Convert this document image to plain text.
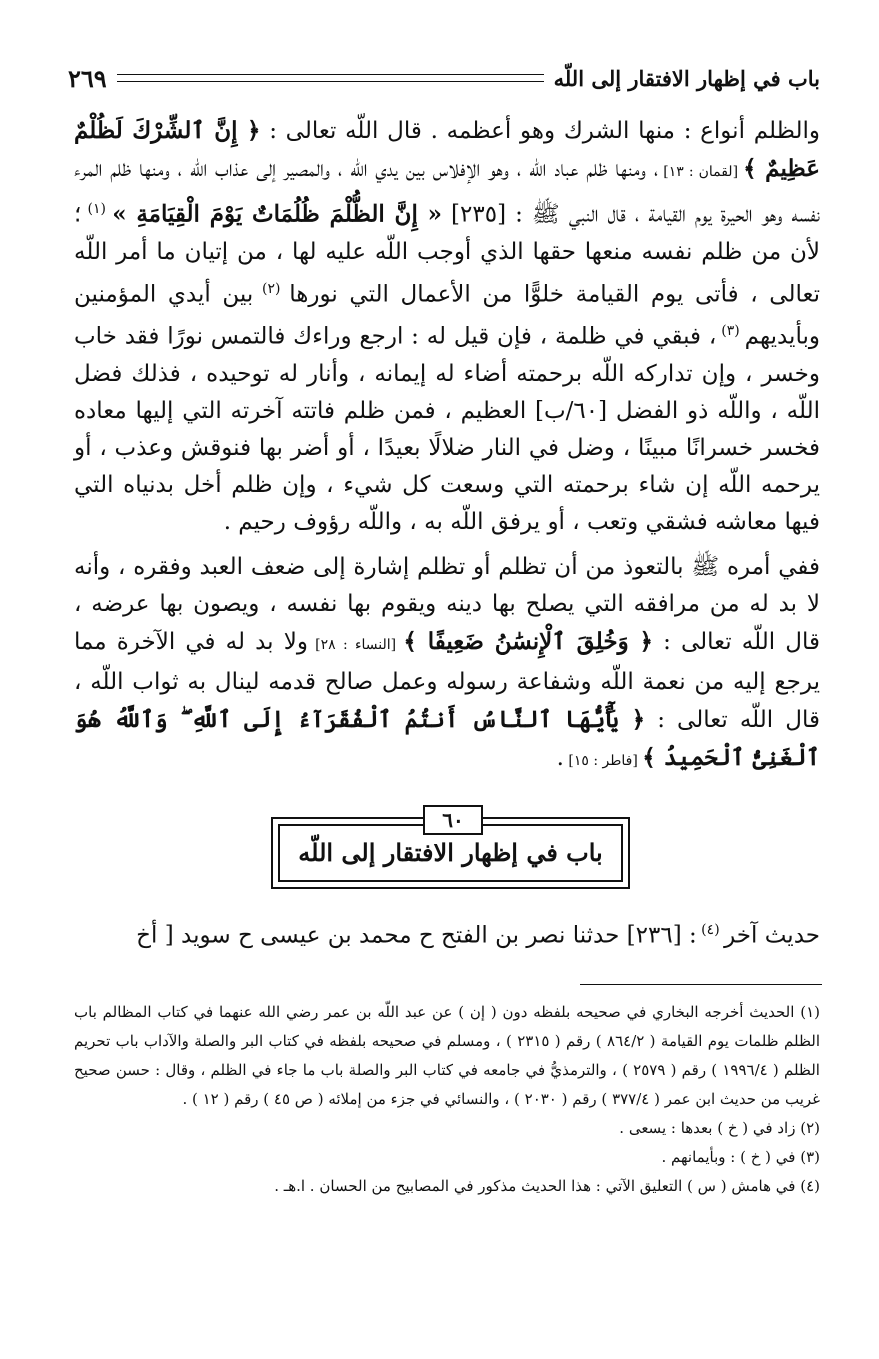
باب في إظهار الافتقار إلى اللّه
٢٦٩

والظلم أنواع : منها الشرك وهو أعظمه . قال اللّه تعالى : ﴿ إِنَّ ٱلشِّرْكَ لَظُلْمٌ عَظِيمٌ ﴾ [لقمان : ١٣] ، ومنها ظلم عباد اللّه ، وهو الإفلاس بين يدي اللّه ، والمصير إلى عذاب اللّه ، ومنها ظلم المرء نفسه وهو الحيرة يوم القيامة ، قال النبي ﷺ : [٢٣٥] « إِنَّ الظُّلْمَ ظُلُمَاتٌ يَوْمَ الْقِيَامَةِ » $^{(١)}$ ؛ لأن من ظلم نفسه منعها حقها الذي أوجب اللّه عليه لها ، من إتيان ما أمر اللّه تعالى ، فأتى يوم القيامة خلوًّا من الأعمال التي نورها $^{(٢)}$ بين أيدي المؤمنين وبأيديهم $^{(٣)}$ ، فبقي في ظلمة ، فإن قيل له : ارجع وراءك فالتمس نورًا فقد خاب وخسر ، وإن تداركه اللّه برحمته أضاء له إيمانه ، وأنار له توحيده ، فذلك فضل اللّه ، واللّه ذو الفضل [٦٠/ب] العظيم ، فمن ظلم فاتته آخرته التي إليها معاده فخسر خسرانًا مبينًا ، وضل في النار ضلالًا بعيدًا ، أو أضر بها فنوقش وعذب ، أو يرحمه اللّه إن شاء برحمته التي وسعت كل شيء ، وإن ظلم أخل بدنياه التي فيها معاشه فشقي وتعب ، أو يرفق اللّه به ، واللّه رؤوف رحيم .

ففي أمره ﷺ بالتعوذ من أن تظلم أو تظلم إشارة إلى ضعف العبد وفقره ، وأنه لا بد له من مرافقه التي يصلح بها دينه ويقوم بها نفسه ، ويصون بها عرضه ، قال اللّه تعالى : ﴿ وَخُلِقَ ٱلْإِنسَٰنُ ضَعِيفًا ﴾ [النساء : ٢٨] ولا بد له في الآخرة مما يرجع إليه من نعمة اللّه وشفاعة رسوله وعمل صالح قدمه لينال به ثواب اللّه ، قال اللّه تعالى : ﴿ يَٰٓأَيُّهَا ٱلنَّاسُ أَنتُمُ ٱلْفُقَرَآءُ إِلَى ٱللَّهِ ۖ وَٱللَّهُ هُوَ ٱلْغَنِىُّ ٱلْحَمِيدُ ﴾ [فاطر : ١٥] .

٦٠
باب في إظهار الافتقار إلى اللّه
حديث آخر $^{(٤)}$ : [٢٣٦] حدثنا نصر بن الفتح ح محمد بن عيسى ح سويد [ أخ
(١) الحديث أخرجه البخاري في صحيحه بلفظه دون ( إن ) عن عبد اللّه بن عمر رضي الله عنهما في كتاب المظالم باب الظلم ظلمات يوم القيامة ( ٨٦٤/٢ ) رقم ( ٢٣١٥ ) ، ومسلم في صحيحه بلفظه في كتاب البر والصلة والآداب باب تحريم الظلم ( ١٩٩٦/٤ ) رقم ( ٢٥٧٩ ) ، والترمذيُّ في جامعه في كتاب البر والصلة باب ما جاء في الظلم ، وقال : حسن صحيح غريب من حديث ابن عمر ( ٣٧٧/٤ ) رقم ( ٢٠٣٠ ) ، والنسائي في جزء من إملائه ( ص ٤٥ ) رقم ( ١٢ ) .
(٢) زاد في ( خ ) بعدها : يسعى .
(٣) في ( خ ) : وبأيمانهم .
(٤) في هامش ( س ) التعليق الآتي : هذا الحديث مذكور في المصابيح من الحسان . ا.هـ .
